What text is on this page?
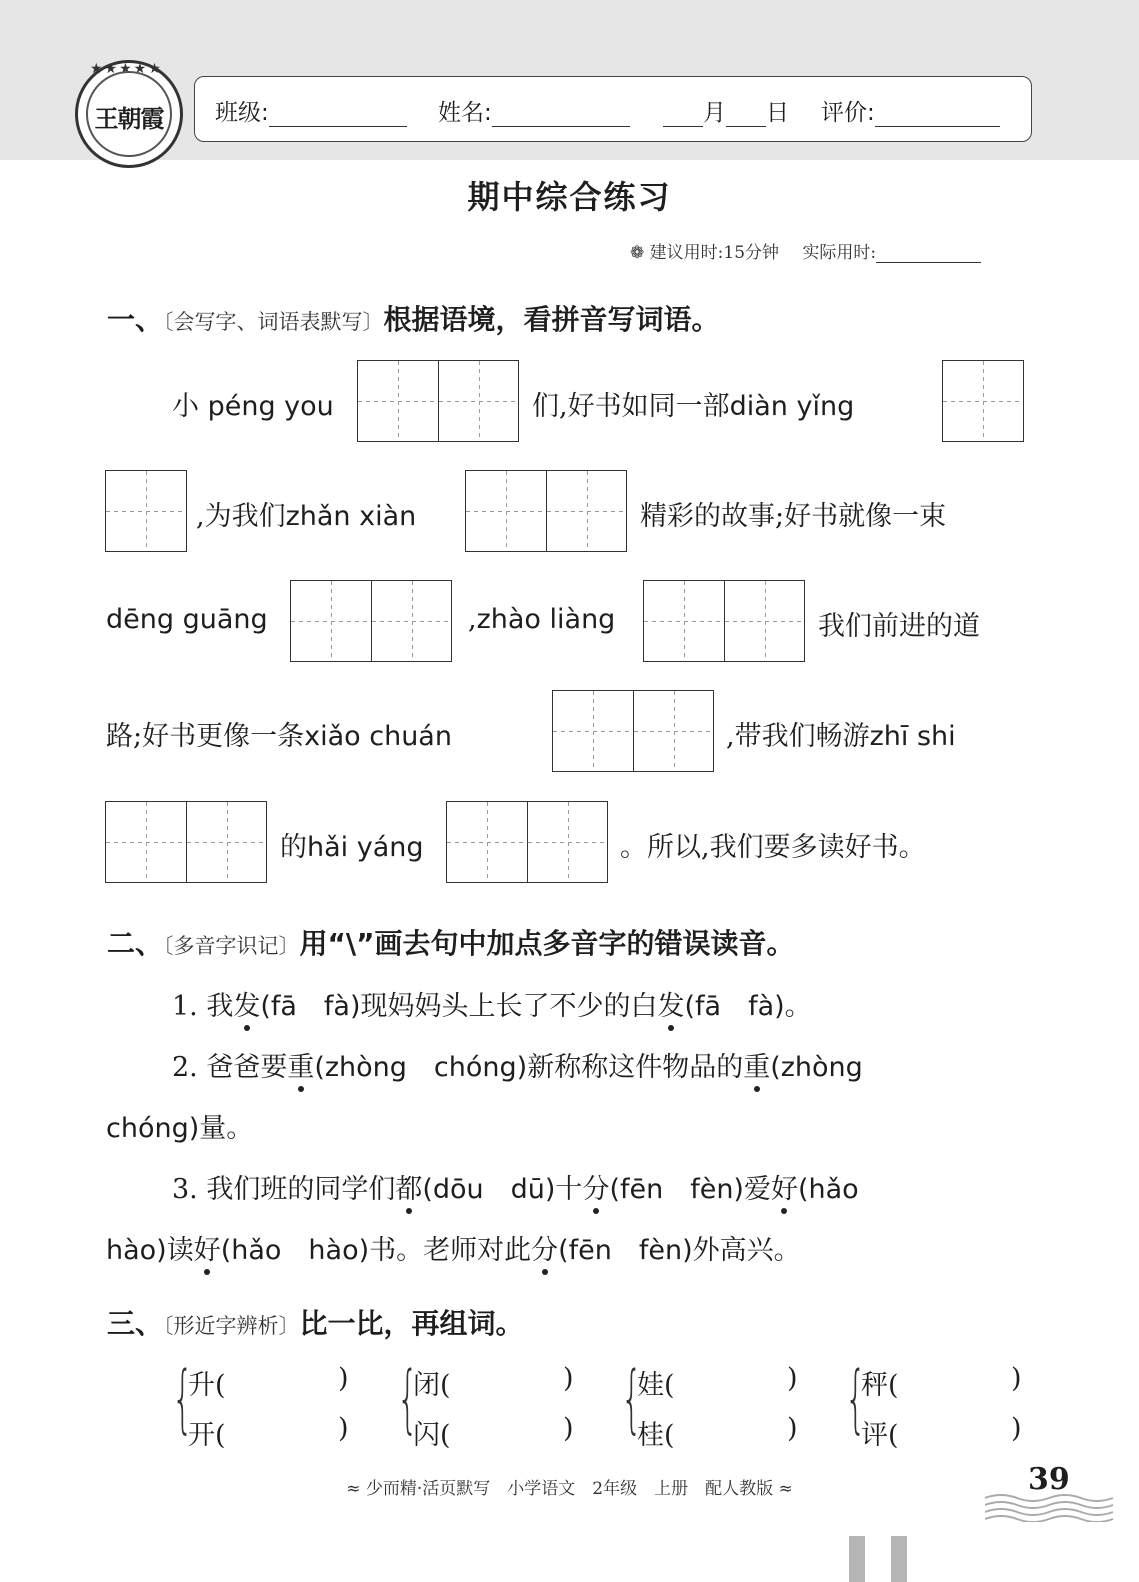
★★★★★
王朝霞	班级:	姓名:	月 日 评价:
期中综合练习
❁ 建议用时:15分钟 实际用时:
一、〔会写字、词语表默写〕根据语境，看拼音写词语。
小 péng you	们,好书如同一部diàn yǐng
,为我们zhǎn xiàn	精彩的故事;好书就像一束
dēng guāng	,zhào liàng	我们前进的道
路;好书更像一条xiǎo chuán	,带我们畅游zhī shi
的hǎi yáng	。所以,我们要多读好书。
二、〔多音字识记〕用“\”画去句中加点多音字的错误读音。
1. 我发(fā　fà)现妈妈头上长了不少的白发(fā　fà)。
2. 爸爸要重(zhòng　chóng)新称称这件物品的重(zhòng
chóng)量。
3. 我们班的同学们都(dōu　dū)十分(fēn　fèn)爱好(hǎo
hào)读好(hǎo　hào)书。老师对此分(fēn　fèn)外高兴。
三、〔形近字辨析〕比一比，再组词。
{
升(	)
开(	) {
闭(	)
闪(	) {
娃(	)
桂(	) {
秤(	)
评(	)
≈ 少而精·活页默写　小学语文　2年级　上册　配人教版 ≈	39
